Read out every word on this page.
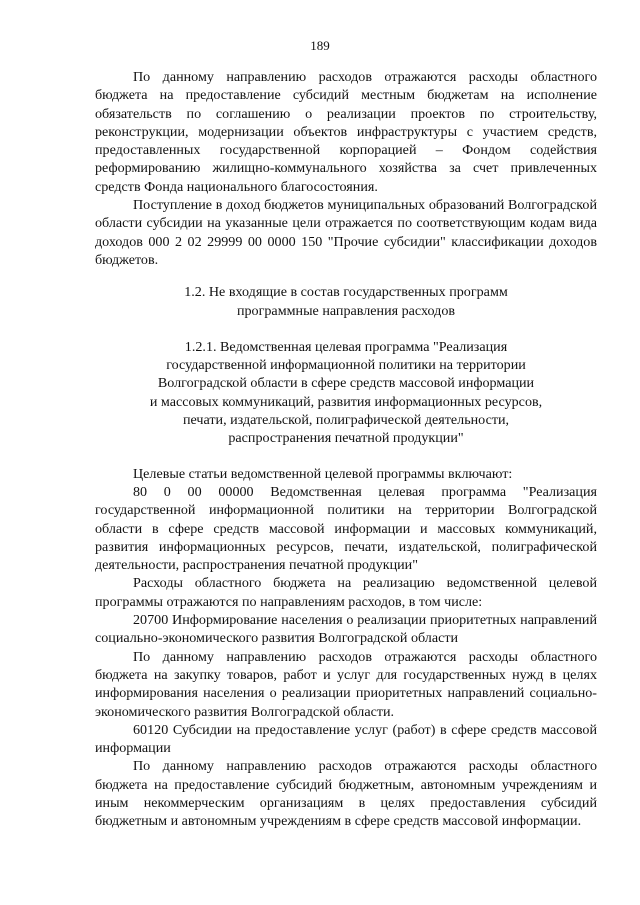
189

По данному направлению расходов отражаются расходы областного бюджета на предоставление субсидий местным бюджетам на исполнение обязательств по соглашению о реализации проектов по строительству, реконструкции, модернизации объектов инфраструктуры с участием средств, предоставленных государственной корпорацией – Фондом содействия реформированию жилищно-коммунального хозяйства за счет привлеченных средств Фонда национального благосостояния.

Поступление в доход бюджетов муниципальных образований Волгоградской области субсидии на указанные цели отражается по соответствующим кодам вида доходов 000 2 02 29999 00 0000 150 "Прочие субсидии" классификации доходов бюджетов.

1.2. Не входящие в состав государственных программ
программные направления расходов
1.2.1. Ведомственная целевая программа "Реализация
государственной информационной политики на территории
Волгоградской области в сфере средств массовой информации
и массовых коммуникаций, развития информационных ресурсов,
печати, издательской, полиграфической деятельности,
распространения печатной продукции"

Целевые статьи ведомственной целевой программы включают:

80 0 00 00000 Ведомственная целевая программа "Реализация государственной информационной политики на территории Волгоградской области в сфере средств массовой информации и массовых коммуникаций, развития информационных ресурсов, печати, издательской, полиграфической деятельности, распространения печатной продукции"

Расходы областного бюджета на реализацию ведомственной целевой программы отражаются по направлениям расходов, в том числе:

20700 Информирование населения о реализации приоритетных направлений социально-экономического развития Волгоградской области

По данному направлению расходов отражаются расходы областного бюджета на закупку товаров, работ и услуг для государственных нужд в целях информирования населения о реализации приоритетных направлений социально-экономического развития Волгоградской области.

60120 Субсидии на предоставление услуг (работ) в сфере средств массовой информации

По данному направлению расходов отражаются расходы областного бюджета на предоставление субсидий бюджетным, автономным учреждениям и иным некоммерческим организациям в целях предоставления субсидий бюджетным и автономным учреждениям в сфере средств массовой информации.
